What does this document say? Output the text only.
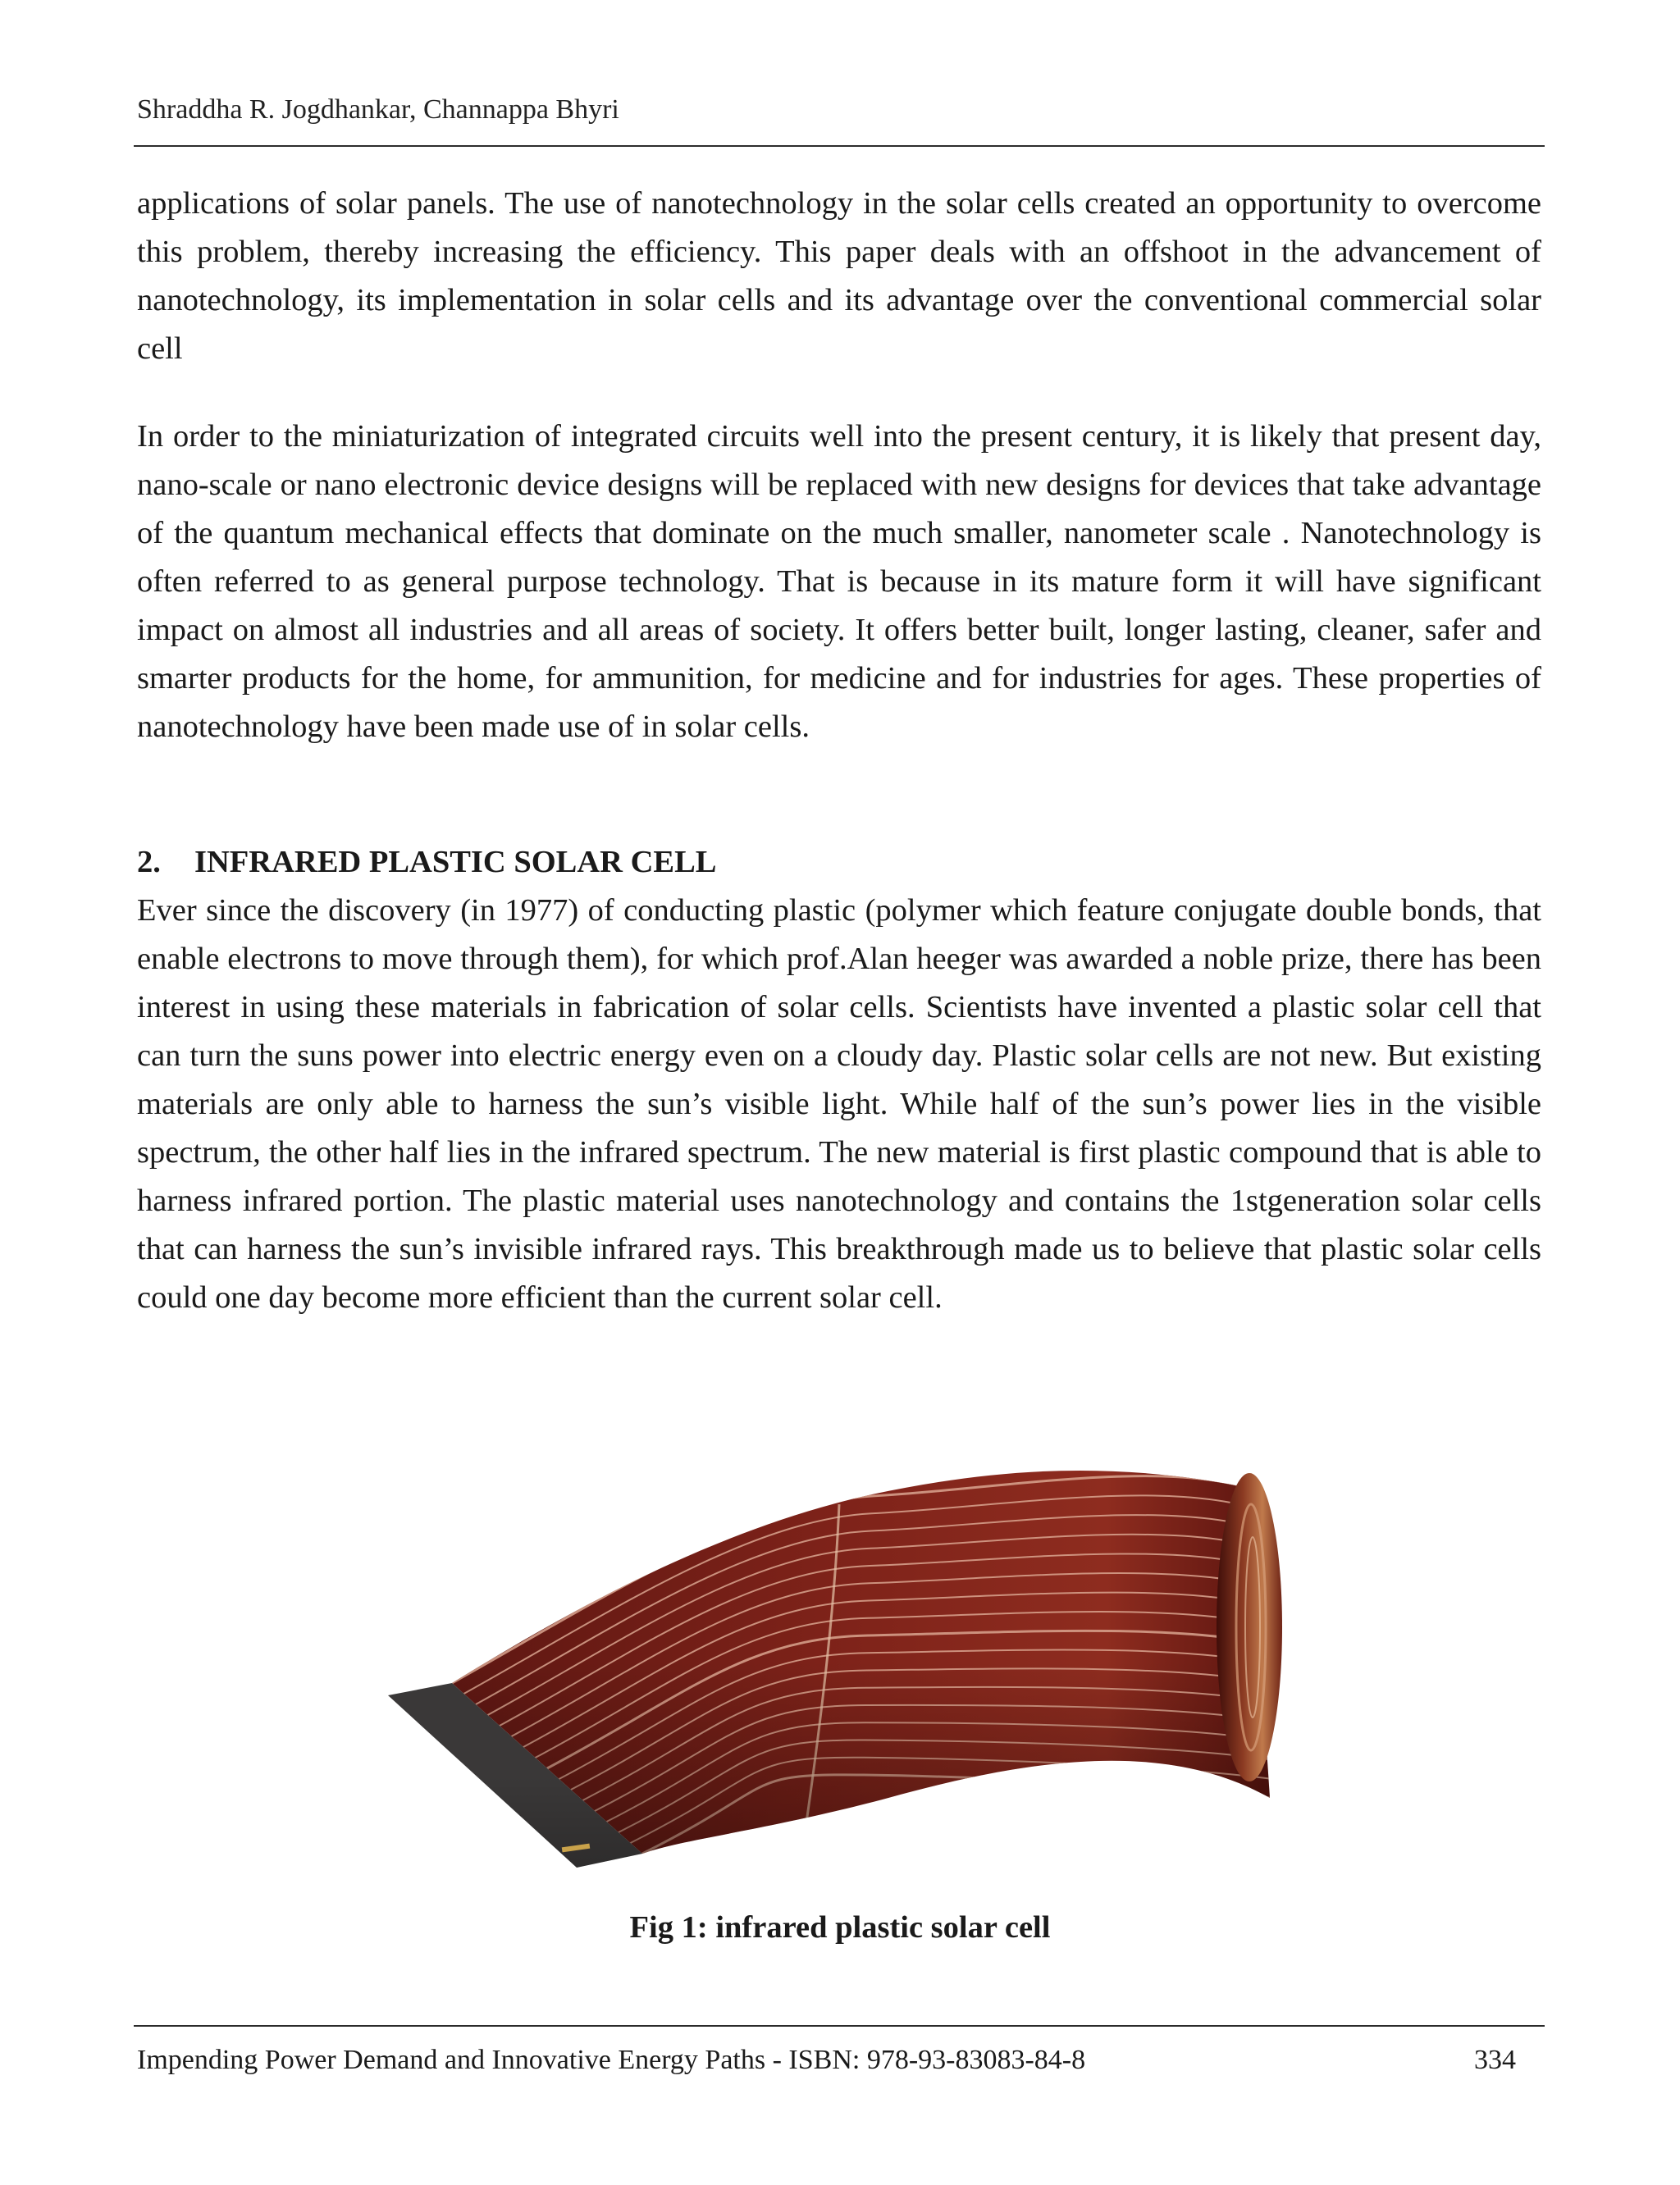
Shraddha R. Jogdhankar, Channappa Bhyri

applications of solar panels. The use of nanotechnology in the solar cells created an opportunity to overcome this problem, thereby increasing the efficiency. This paper deals with an offshoot in the advancement of nanotechnology, its implementation in solar cells and its advantage over the conventional commercial solar cell

In order to the miniaturization of integrated circuits well into the present century, it is likely that present day, nano-scale or nano electronic device designs will be replaced with new designs for devices that take advantage of the quantum mechanical effects that dominate on the much smaller, nanometer scale . Nanotechnology is often referred to as general purpose technology. That is because in its mature form it will have significant impact on almost all industries and all areas of society. It offers better built, longer lasting, cleaner, safer and smarter products for the home, for ammunition, for medicine and for industries for ages. These properties of nanotechnology have been made use of in solar cells.

2. INFRARED PLASTIC SOLAR CELL

Ever since the discovery (in 1977) of conducting plastic (polymer which feature conjugate double bonds, that enable electrons to move through them), for which prof.Alan heeger was awarded a noble prize, there has been interest in using these materials in fabrication of solar cells. Scientists have invented a plastic solar cell that can turn the suns power into electric energy even on a cloudy day. Plastic solar cells are not new. But existing materials are only able to harness the sun’s visible light. While half of the sun’s power lies in the visible spectrum, the other half lies in the infrared spectrum. The new material is first plastic compound that is able to harness infrared portion. The plastic material uses nanotechnology and contains the 1stgeneration solar cells that can harness the sun’s invisible infrared rays. This breakthrough made us to believe that plastic solar cells could one day become more efficient than the current solar cell.

Fig 1: infrared plastic solar cell

Impending Power Demand and Innovative Energy Paths - ISBN: 978-93-83083-84-8	334
